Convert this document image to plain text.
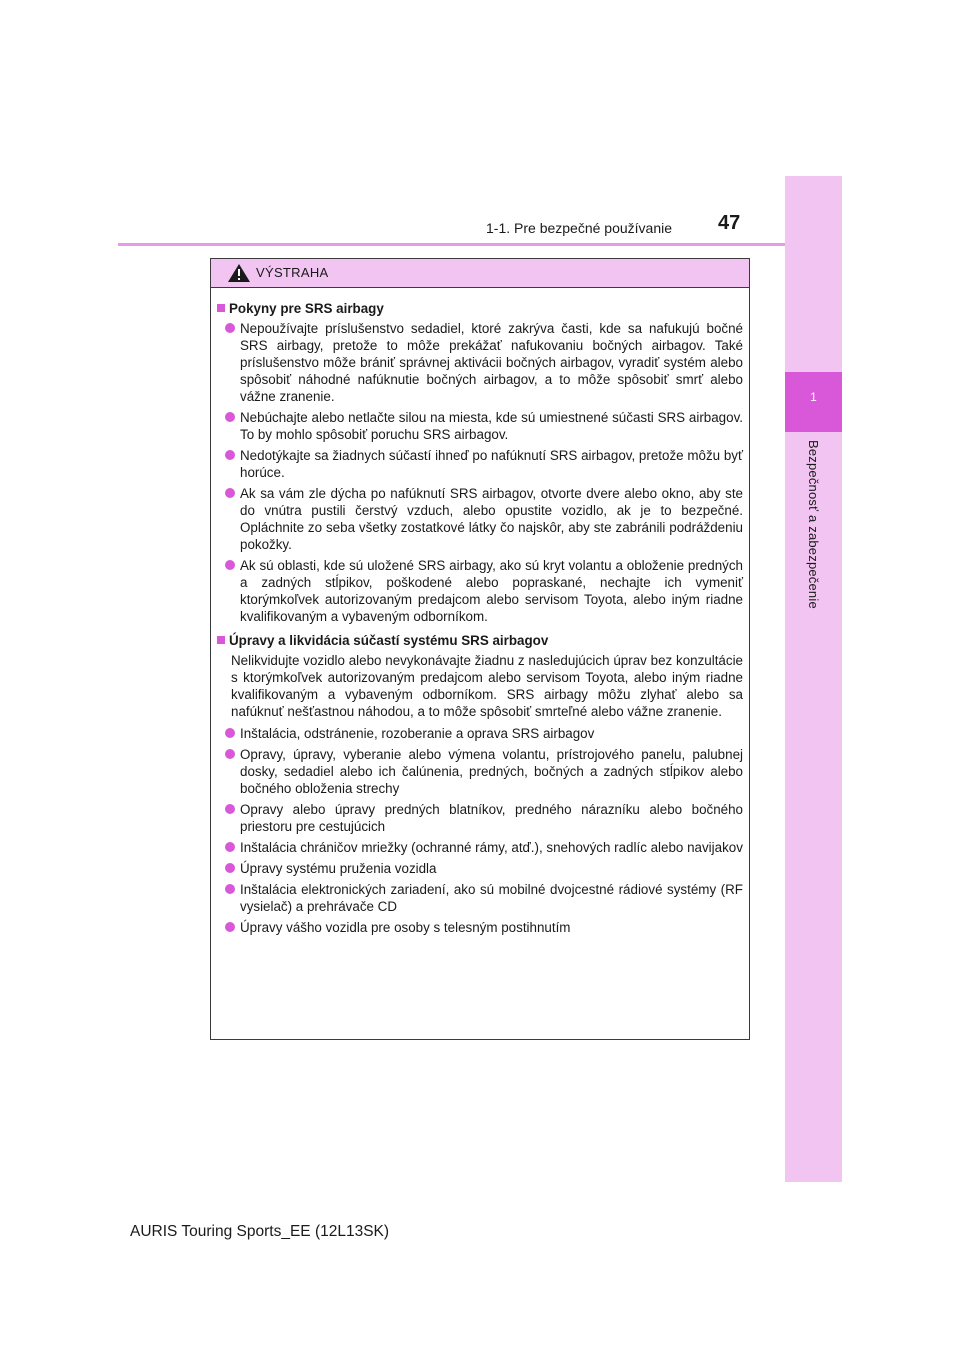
1
Bezpečnosť a zabezpečenie
1-1. Pre bezpečné používanie 47
VÝSTRAHA
Pokyny pre SRS airbagy
Nepoužívajte príslušenstvo sedadiel, ktoré zakrýva časti, kde sa nafukujú bočné SRS airbagy, pretože to môže prekážať nafukovaniu bočných airbagov. Také príslušenstvo môže brániť správnej aktivácii bočných airbagov, vyradiť systém alebo spôsobiť náhodné nafúknutie bočných airbagov, a to môže spôsobiť smrť alebo vážne zranenie.
Nebúchajte alebo netlačte silou na miesta, kde sú umiestnené súčasti SRS airbagov. To by mohlo spôsobiť poruchu SRS airbagov.
Nedotýkajte sa žiadnych súčastí ihneď po nafúknutí SRS airbagov, pretože môžu byť horúce.
Ak sa vám zle dýcha po nafúknutí SRS airbagov, otvorte dvere alebo okno, aby ste do vnútra pustili čerstvý vzduch, alebo opustite vozidlo, ak je to bezpečné. Opláchnite zo seba všetky zostatkové látky čo najskôr, aby ste zabránili podráždeniu pokožky.
Ak sú oblasti, kde sú uložené SRS airbagy, ako sú kryt volantu a obloženie predných a zadných stĺpikov, poškodené alebo popraskané, nechajte ich vymeniť ktorýmkoľvek autorizovaným predajcom alebo servisom Toyota, alebo iným riadne kvalifikovaným a vybaveným odborníkom.
Úpravy a likvidácia súčastí systému SRS airbagov
Nelikvidujte vozidlo alebo nevykonávajte žiadnu z nasledujúcich úprav bez konzultácie s ktorýmkoľvek autorizovaným predajcom alebo servisom Toyota, alebo iným riadne kvalifikovaným a vybaveným odborníkom. SRS airbagy môžu zlyhať alebo sa nafúknuť nešťastnou náhodou, a to môže spôsobiť smrteľné alebo vážne zranenie.
Inštalácia, odstránenie, rozoberanie a oprava SRS airbagov
Opravy, úpravy, vyberanie alebo výmena volantu, prístrojového panelu, palubnej dosky, sedadiel alebo ich čalúnenia, predných, bočných a zadných stĺpikov alebo bočného obloženia strechy
Opravy alebo úpravy predných blatníkov, predného nárazníku alebo bočného priestoru pre cestujúcich
Inštalácia chráničov mriežky (ochranné rámy, atď.), snehových radlíc alebo navijakov
Úpravy systému pruženia vozidla
Inštalácia elektronických zariadení, ako sú mobilné dvojcestné rádiové systémy (RF vysielač) a prehrávače CD
Úpravy vášho vozidla pre osoby s telesným postihnutím
AURIS Touring Sports_EE (12L13SK)
